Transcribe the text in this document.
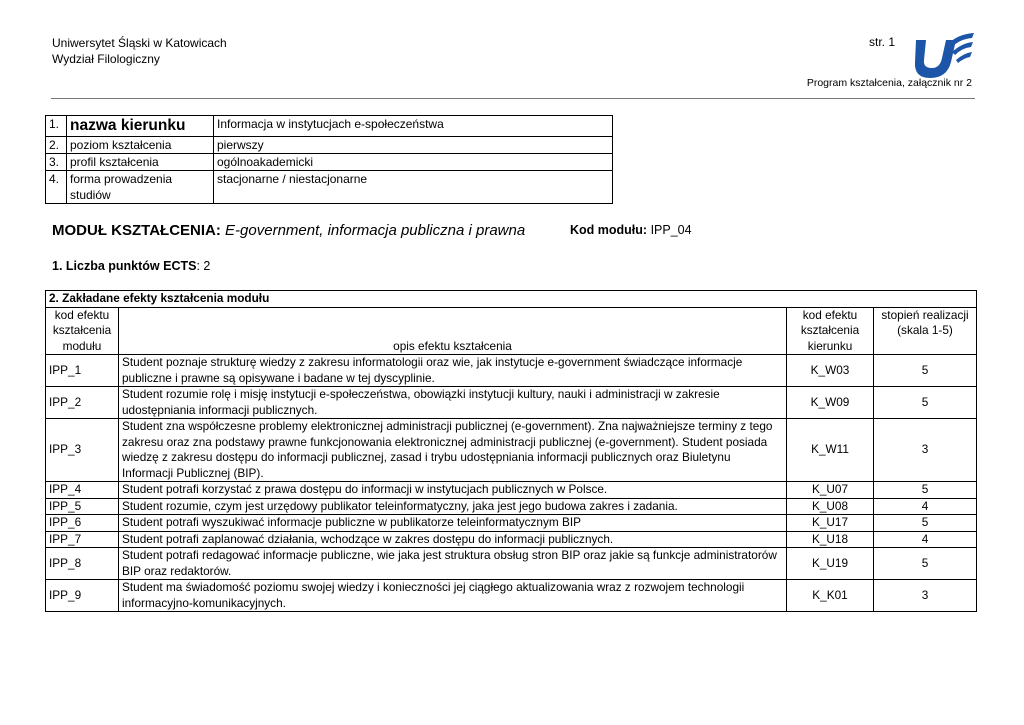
Uniwersytet Śląski w Katowicach
Wydział Filologiczny
str. 1
Program kształcenia, załącznik nr 2
1.	nazwa kierunku	Informacja w instytucjach e-społeczeństwa
2.	poziom kształcenia	pierwszy
3.	profil kształcenia	ogólnoakademicki
4.	forma prowadzenia studiów	stacjonarne / niestacjonarne
MODUŁ KSZTAŁCENIA: E-government, informacja publiczna i prawna	Kod modułu: IPP_04
1. Liczba punktów ECTS: 2
2. Zakładane efekty kształcenia modułu			
kod efektu kształcenia modułu	opis efektu kształcenia	kod efektu kształcenia kierunku	stopień realizacji (skala 1-5)
IPP_1	Student poznaje strukturę wiedzy z zakresu informatologii oraz wie, jak instytucje e-government świadczące informacje publiczne i prawne są opisywane i badane w tej dyscyplinie.	K_W03	5
IPP_2	Student rozumie rolę i misję instytucji e-społeczeństwa, obowiązki instytucji kultury, nauki i administracji w zakresie udostępniania informacji publicznych.	K_W09	5
IPP_3	Student zna współczesne problemy elektronicznej administracji publicznej (e-government). Zna najważniejsze terminy z tego zakresu oraz zna podstawy prawne funkcjonowania elektronicznej administracji publicznej (e-government). Student posiada wiedzę z zakresu dostępu do informacji publicznej, zasad i trybu udostępniania informacji publicznych oraz Biuletynu Informacji Publicznej (BIP).	K_W11	3
IPP_4	Student potrafi korzystać z prawa dostępu do informacji w instytucjach publicznych w Polsce.	K_U07	5
IPP_5	Student rozumie, czym jest urzędowy publikator teleinformatyczny, jaka jest jego budowa zakres i zadania.	K_U08	4
IPP_6	Student potrafi wyszukiwać informacje publiczne w publikatorze teleinformatycznym BIP	K_U17	5
IPP_7	Student potrafi zaplanować działania, wchodzące w zakres dostępu do informacji publicznych.	K_U18	4
IPP_8	Student potrafi redagować informacje publiczne, wie jaka jest struktura obsług stron BIP oraz jakie są funkcje administratorów BIP oraz redaktorów.	K_U19	5
IPP_9	Student ma świadomość poziomu swojej wiedzy i konieczności jej ciągłego aktualizowania wraz z rozwojem technologii informacyjno-komunikacyjnych.	K_K01	3
